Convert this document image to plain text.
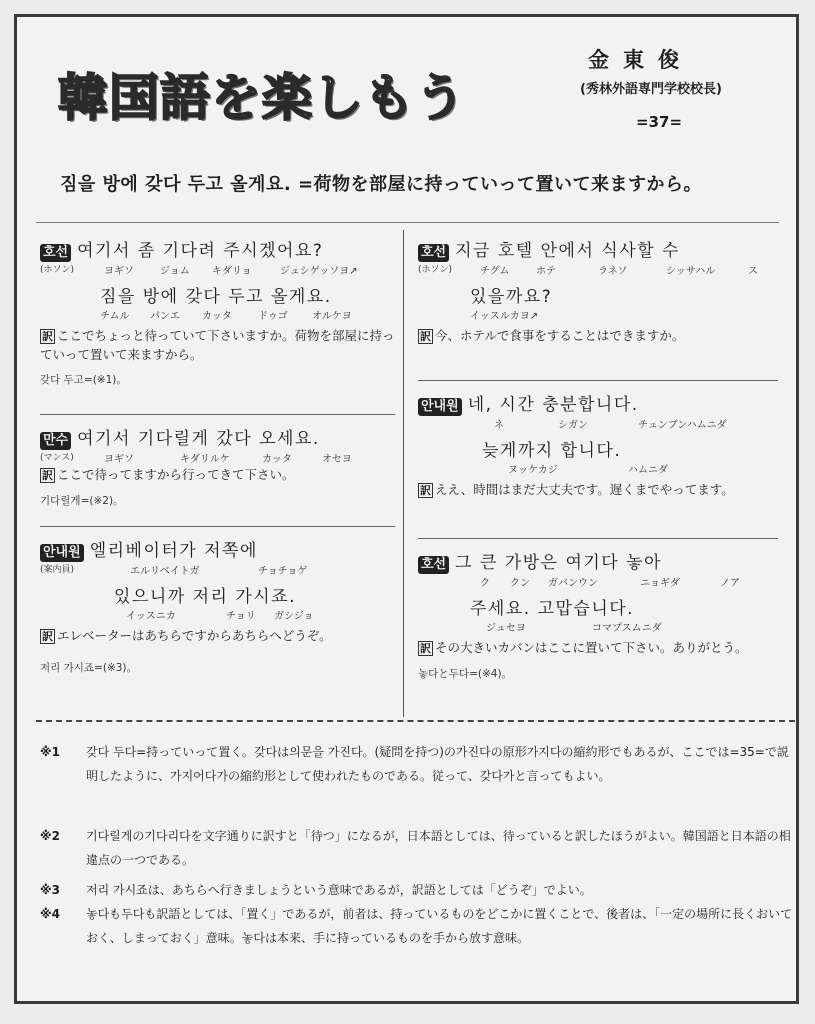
韓国語を楽しもう
金東俊
(秀林外語専門学校校長)
=37=
짐을 방에 갖다 두고 올게요. =荷物を部屋に持っていって置いて来ますから。
호선 여기서 좀 기다려 주시겠어요?
(ホソン)	ヨギソ	ジョム キダリョ	ジュシゲッソヨ↗
짐을 방에 갖다 두고 올게요.
チムル パンエ カッタ	ドゥゴ オルケヨ
訳 ここでちょっと待っていて下さいますか。荷物を部屋に持っていって置いて来ますから。
갖다 두고=(※1)。
만수 여기서 기다릴게 갔다 오세요.
(マンス)	ヨギソ	キダリルケ	カッタ	オセヨ
訳 ここで待ってますから行ってきて下さい。
기다릴게=(※2)。
안내원 엘리베이터가 저쪽에
(案内員)	エルリベイトガ	チョチョゲ
있으니까 저리 가시죠.
イッスニカ	チョリ ガシジョ
訳 エレベーターはあちらですからあちらへどうぞ。
저리 가시죠=(※3)。
호선 지금 호텔 안에서 식사할 수
(ホソン)	チグム	ホテ	ラネソ	シッサハル	ス
있을까요?
イッスルカヨ↗
訳 今、ホテルで食事をすることはできますか。
안내원 네, 시간 충분합니다.
ネ	シガン	チュンブンハムニダ
늦게까지 합니다.
ヌッケカジ	ハムニダ
訳 ええ、時間はまだ大丈夫です。遅くまでやってます。
호선 그 큰 가방은 여기다 놓아
ク クン ガバンウン	ニョギダ	ノア
주세요. 고맙습니다.
ジュセヨ	コマプスムニダ
訳 その大きいカバンはここに置いて下さい。ありがとう。
놓다と두다=(※4)。
※1 갖다 두다=持っていって置く。갖다は의문을 가진다。(疑問を持つ)の가진다の原形가지다の縮約形でもあるが、ここでは=35=で説明したように、가지어다가の縮約形として使われたものである。従って、갖다가と言ってもよい。
※2 기다릴게の기다리다を文字通りに訳すと「待つ」になるが，日本語としては、待っていると訳したほうがよい。韓国語と日本語の相違点の一つである。
※3 저리 가시죠は、あちらへ行きましょうという意味であるが，訳語としては「どうぞ」でよい。
※4 놓다も두다も訳語としては、「置く」であるが，前者は、持っているものをどこかに置くことで、後者は、「一定の場所に長くおいておく、しまっておく」意味。놓다は本来、手に持っているものを手から放す意味。
